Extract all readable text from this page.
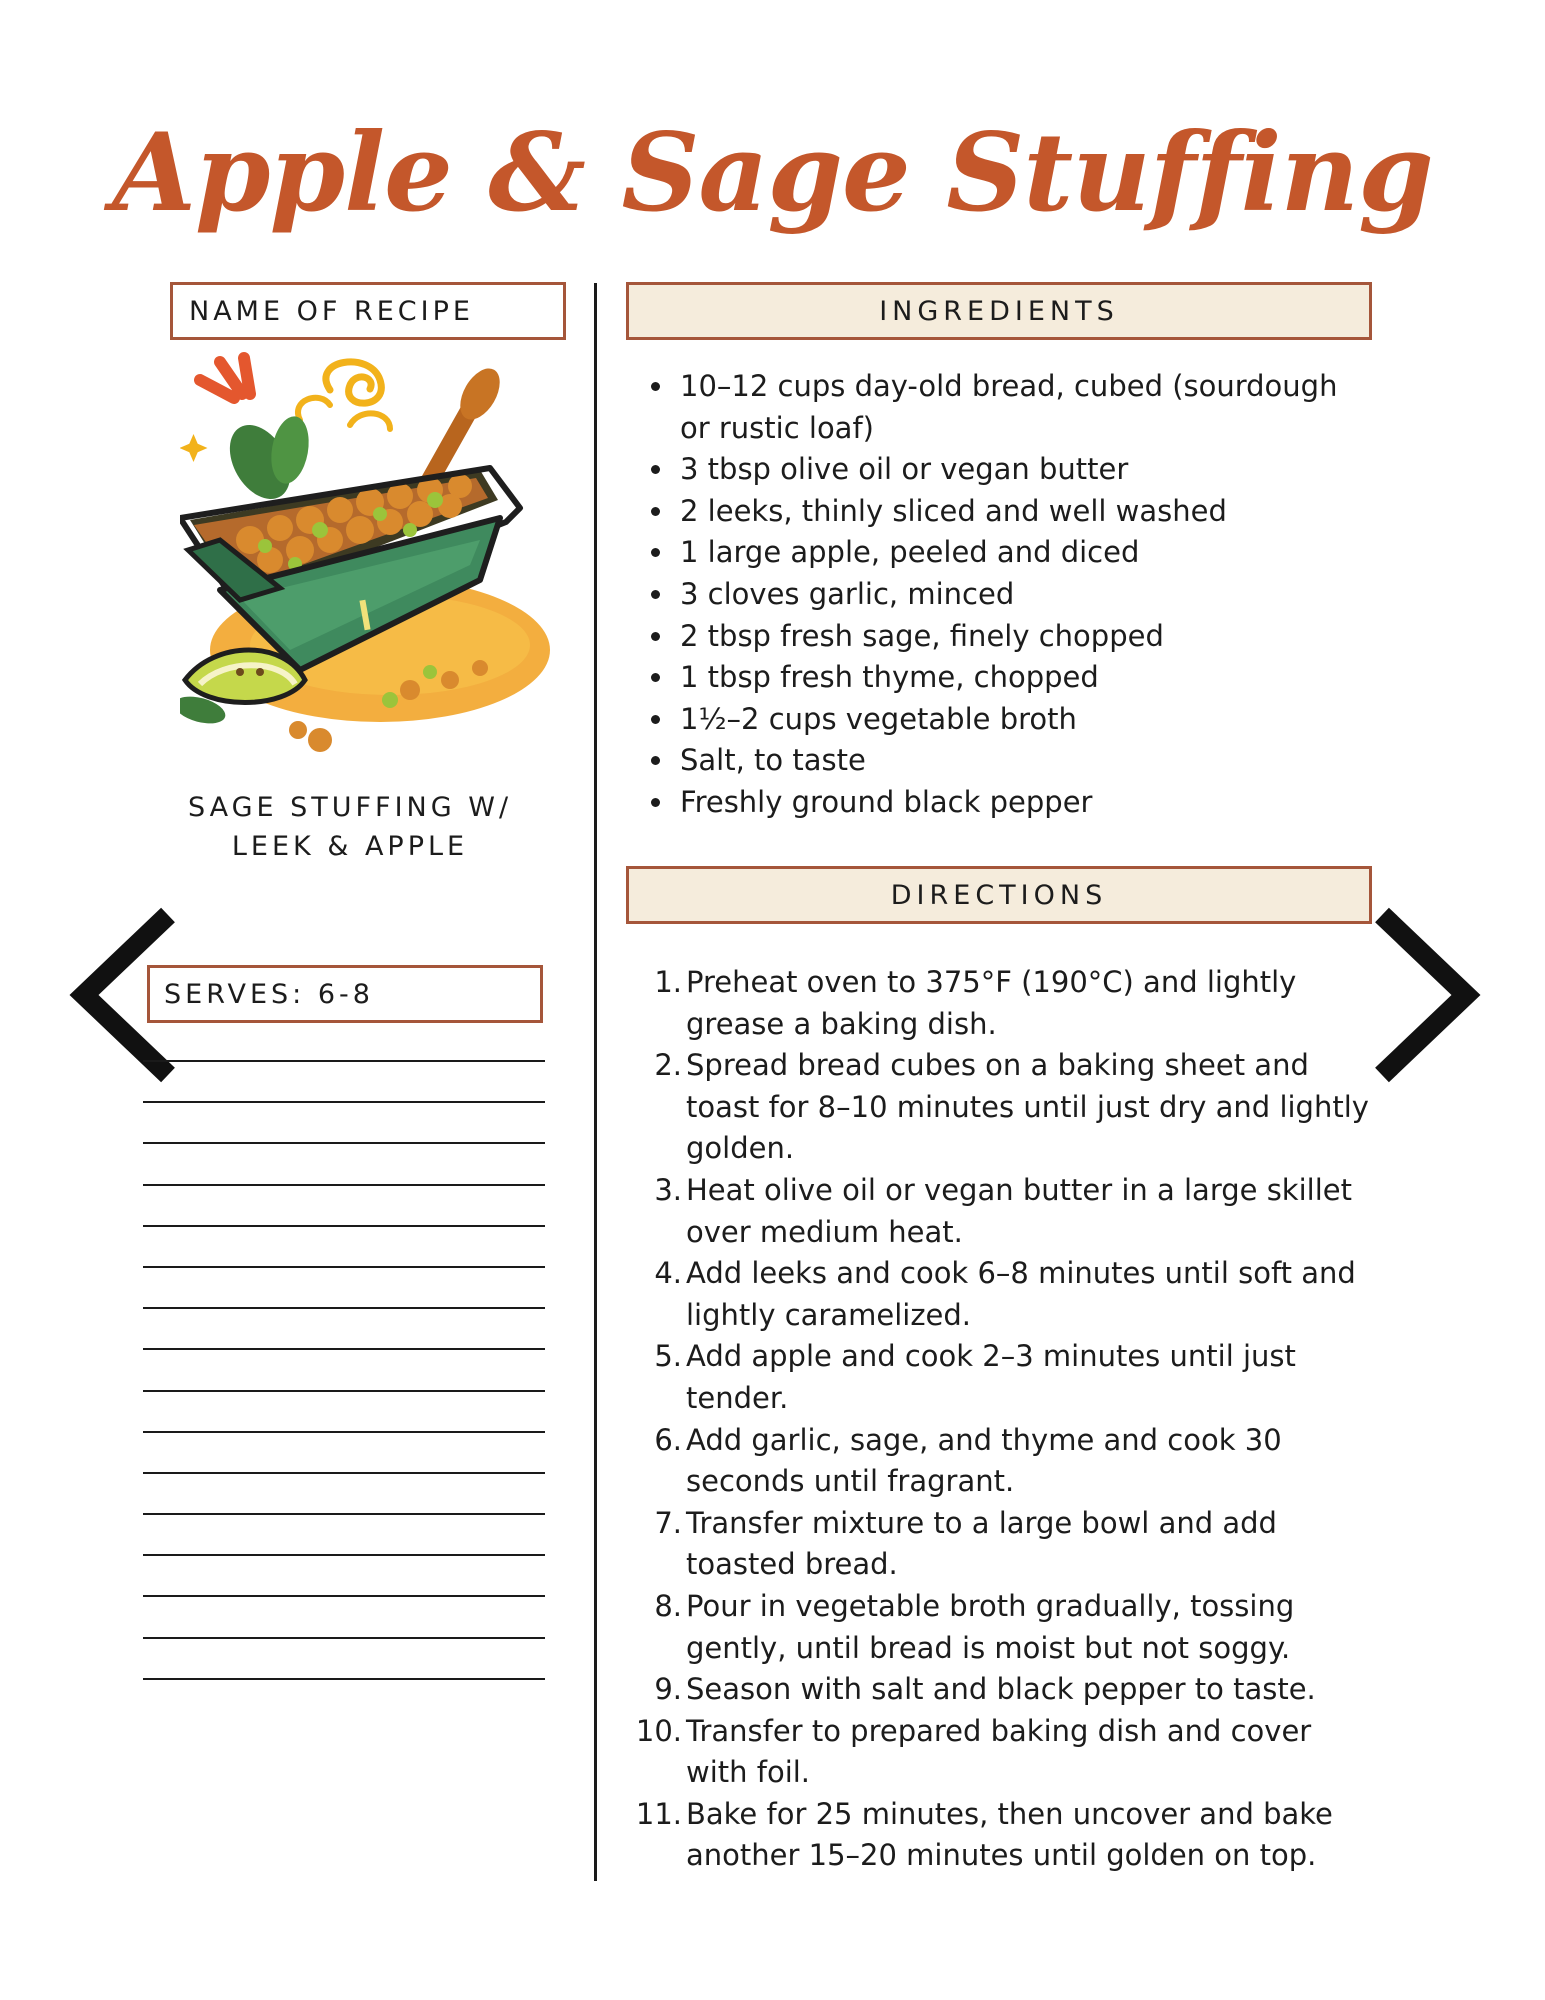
Apple & Sage Stuffing
NAME OF RECIPE
SAGE STUFFING W/
LEEK & APPLE
SERVES: 6-8
INGREDIENTS
• 10–12 cups day-old bread, cubed (sourdough or rustic loaf)
• 3 tbsp olive oil or vegan butter
• 2 leeks, thinly sliced and well washed
• 1 large apple, peeled and diced
• 3 cloves garlic, minced
• 2 tbsp fresh sage, finely chopped
• 1 tbsp fresh thyme, chopped
• 1½–2 cups vegetable broth
• Salt, to taste
• Freshly ground black pepper
DIRECTIONS
1. Preheat oven to 375°F (190°C) and lightly grease a baking dish.
2. Spread bread cubes on a baking sheet and toast for 8–10 minutes until just dry and lightly golden.
3. Heat olive oil or vegan butter in a large skillet over medium heat.
4. Add leeks and cook 6–8 minutes until soft and lightly caramelized.
5. Add apple and cook 2–3 minutes until just tender.
6. Add garlic, sage, and thyme and cook 30 seconds until fragrant.
7. Transfer mixture to a large bowl and add toasted bread.
8. Pour in vegetable broth gradually, tossing gently, until bread is moist but not soggy.
9. Season with salt and black pepper to taste.
10. Transfer to prepared baking dish and cover with foil.
11. Bake for 25 minutes, then uncover and bake another 15–20 minutes until golden on top.
